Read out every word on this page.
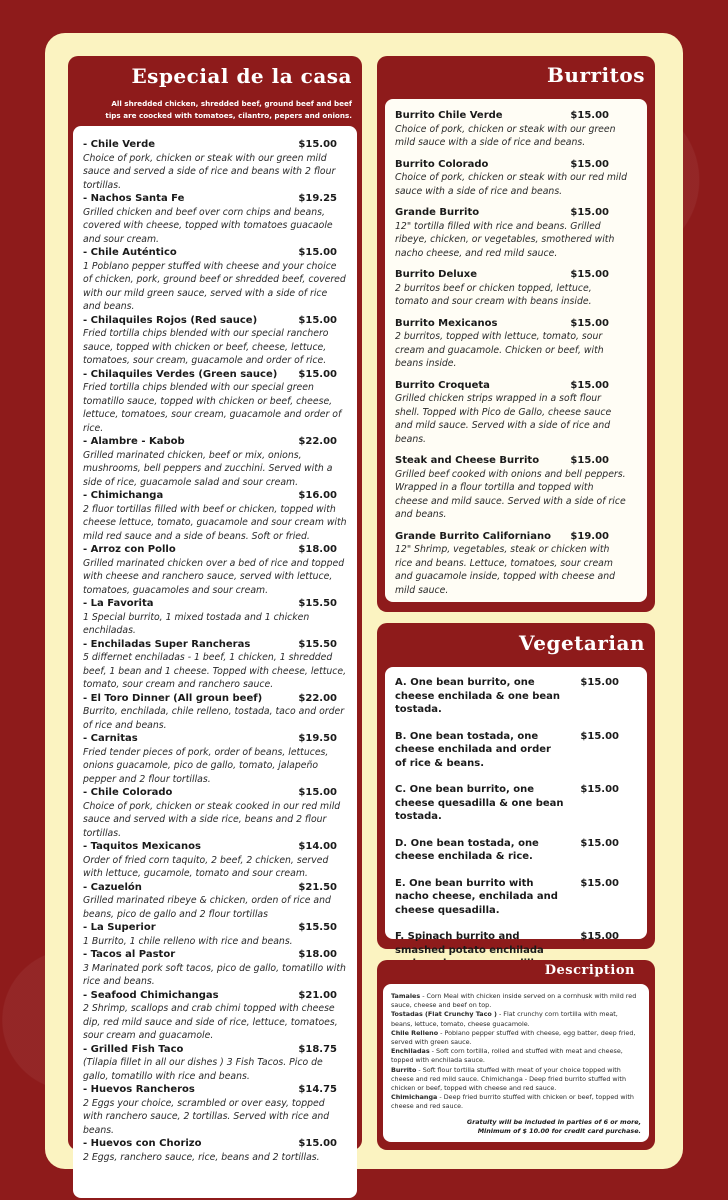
Especial de la casa
All shredded chicken, shredded beef, ground beef and beef
tips are coocked with tomatoes, cilantro, pepers and onions.
- Chile Verde	$15.00
Choice of pork, chicken or steak with our green mild sauce and served a side of rice and beans with 2 flour tortillas.
- Nachos Santa Fe	$19.25
Grilled chicken and beef over corn chips and beans, covered with cheese, topped with tomatoes guacaole and sour cream.
- Chile Auténtico	$15.00
1 Poblano pepper stuffed with cheese and your choice of chicken, pork, ground beef or shredded beef, covered with our mild green sauce, served with a side of rice and beans.
- Chilaquiles Rojos (Red sauce)	$15.00
Fried tortilla chips blended with our special ranchero sauce, topped with chicken or beef, cheese, lettuce, tomatoes, sour cream, guacamole and order of rice.
- Chilaquiles Verdes (Green sauce)	$15.00
Fried tortilla chips blended with our special green tomatillo sauce, topped with chicken or beef, cheese, lettuce, tomatoes, sour cream, guacamole and order of rice.
- Alambre - Kabob	$22.00
Grilled marinated chicken, beef or mix, onions, mushrooms, bell peppers and zucchini. Served with a side of rice, guacamole salad and sour cream.
- Chimichanga	$16.00
2 fluor tortillas filled with beef or chicken, topped with cheese lettuce, tomato, guacamole and sour cream with mild red sauce and a side of beans. Soft or fried.
- Arroz con Pollo	$18.00
Grilled marinated chicken over a bed of rice and topped with cheese and ranchero sauce, served with lettuce, tomatoes, guacamoles and sour cream.
- La Favorita	$15.50
1 Special burrito, 1 mixed tostada and 1 chicken enchiladas.
- Enchiladas Super Rancheras	$15.50
5 differnet enchiladas - 1 beef, 1 chicken, 1 shredded beef, 1 bean and 1 cheese. Topped with cheese, lettuce, tomato, sour cream and ranchero sauce.
- El Toro Dinner (All groun beef)	$22.00
Burrito, enchilada, chile relleno, tostada, taco and order of rice and beans.
- Carnitas	$19.50
Fried tender pieces of pork, order of beans, lettuces, onions guacamole, pico de gallo, tomato, jalapeño pepper and 2 flour tortillas.
- Chile Colorado	$15.00
Choice of pork, chicken or steak cooked in our red mild sauce and served with a side rice, beans and 2 flour tortillas.
- Taquitos Mexicanos	$14.00
Order of fried corn taquito, 2 beef, 2 chicken, served with lettuce, gucamole, tomato and sour cream.
- Cazuelón	$21.50
Grilled marinated ribeye & chicken, orden of rice and beans, pico de gallo and 2 flour tortillas
- La Superior	$15.50
1 Burrito, 1 chile relleno with rice and beans.
- Tacos al Pastor	$18.00
3 Marinated pork soft tacos, pico de gallo, tomatillo with rice and beans.
- Seafood Chimichangas	$21.00
2 Shrimp, scallops and crab chimi topped with cheese dip, red mild sauce and side of rice, lettuce, tomatoes, sour cream and guacamole.
- Grilled Fish Taco	$18.75
(Tilapia fillet in all our dishes ) 3 Fish Tacos. Pico de gallo, tomatillo with rice and beans.
- Huevos Rancheros	$14.75
2 Eggs your choice, scrambled or over easy, topped with ranchero sauce, 2 tortillas. Served with rice and beans.
- Huevos con Chorizo	$15.00
2 Eggs, ranchero sauce, rice, beans and 2 tortillas.
Burritos
Burrito Chile Verde	$15.00
Choice of pork, chicken or steak with our green mild sauce with a side of rice and beans.
Burrito Colorado	$15.00
Choice of pork, chicken or steak with our red mild sauce with a side of rice and beans.
Grande Burrito	$15.00
12" tortilla filled with rice and beans. Grilled ribeye, chicken, or vegetables, smothered with nacho cheese, and red mild sauce.
Burrito Deluxe	$15.00
2 burritos beef or chicken topped, lettuce, tomato and sour cream with beans inside.
Burrito Mexicanos	$15.00
2 burritos, topped with lettuce, tomato, sour cream and guacamole. Chicken or beef, with beans inside.
Burrito Croqueta	$15.00
Grilled chicken strips wrapped in a soft flour shell. Topped with Pico de Gallo, cheese sauce and mild sauce. Served with a side of rice and beans.
Steak and Cheese Burrito	$15.00
Grilled beef cooked with onions and bell peppers. Wrapped in a flour tortilla and topped with cheese and mild sauce. Served with a side of rice and beans.
Grande Burrito Californiano	$19.00
12" Shrimp, vegetables, steak or chicken with rice and beans. Lettuce, tomatoes, sour cream and guacamole inside, topped with cheese and mild sauce.
Vegetarian
A. One bean burrito, one cheese enchilada & one bean tostada.
$15.00
B. One bean tostada, one cheese enchilada and order of rice & beans.
$15.00
C. One bean burrito, one cheese quesadilla & one bean tostada.
$15.00
D. One bean tostada, one cheese enchilada & rice.
$15.00
E. One bean burrito with nacho cheese, enchilada and cheese quesadilla.
$15.00
F. Spinach burrito and smashed potato enchilada
$15.00
Description
Tamales - Corn Meal with chicken inside served on a cornhusk with mild red sauce, cheese and beef on top.
Tostadas (Flat Crunchy Taco ) - Flat crunchy corn tortilla with meat, beans, lettuce, tomato, cheese guacamole.
Chile Relleno - Poblano pepper stuffed with cheese, egg batter, deep fried, served with green sauce.
Enchiladas - Soft corn tortilla, rolled and stuffed with meat and cheese, topped with enchilada sauce.
Burrito - Soft flour tortilla stuffed with meat of your choice topped with cheese and red mild sauce. Chimichanga - Deep fried burrito stuffed with chicken or beef, topped with cheese and red sauce.
Chimichanga - Deep fried burrito stuffed with chicken or beef, topped with cheese and red sauce.
Gratuity will be included in parties of 6 or more,
Minimum of $ 10.00 for credit card purchase.
